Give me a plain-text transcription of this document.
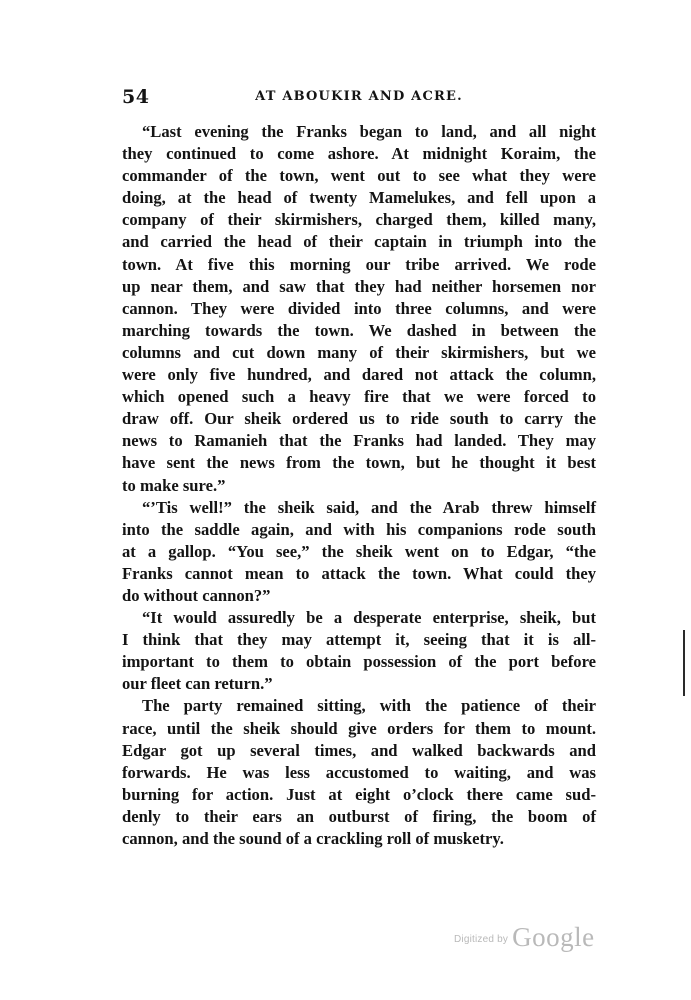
54	AT ABOUKIR AND ACRE.
“Last evening the Franks began to land, and all night
they continued to come ashore. At midnight Koraim, the
commander of the town, went out to see what they were
doing, at the head of twenty Mamelukes, and fell upon a
company of their skirmishers, charged them, killed many,
and carried the head of their captain in triumph into the
town. At five this morning our tribe arrived. We rode
up near them, and saw that they had neither horsemen nor
cannon. They were divided into three columns, and were
marching towards the town. We dashed in between the
columns and cut down many of their skirmishers, but we
were only five hundred, and dared not attack the column,
which opened such a heavy fire that we were forced to
draw off. Our sheik ordered us to ride south to carry the
news to Ramanieh that the Franks had landed. They may
have sent the news from the town, but he thought it best
to make sure.”
“’Tis well!” the sheik said, and the Arab threw himself
into the saddle again, and with his companions rode south
at a gallop. “You see,” the sheik went on to Edgar, “the
Franks cannot mean to attack the town. What could they
do without cannon?”
“It would assuredly be a desperate enterprise, sheik, but
I think that they may attempt it, seeing that it is all-
important to them to obtain possession of the port before
our fleet can return.”
The party remained sitting, with the patience of their
race, until the sheik should give orders for them to mount.
Edgar got up several times, and walked backwards and
forwards. He was less accustomed to waiting, and was
burning for action. Just at eight o’clock there came sud-
denly to their ears an outburst of firing, the boom of
cannon, and the sound of a crackling roll of musketry.
$^{Digitized by}$ Google
